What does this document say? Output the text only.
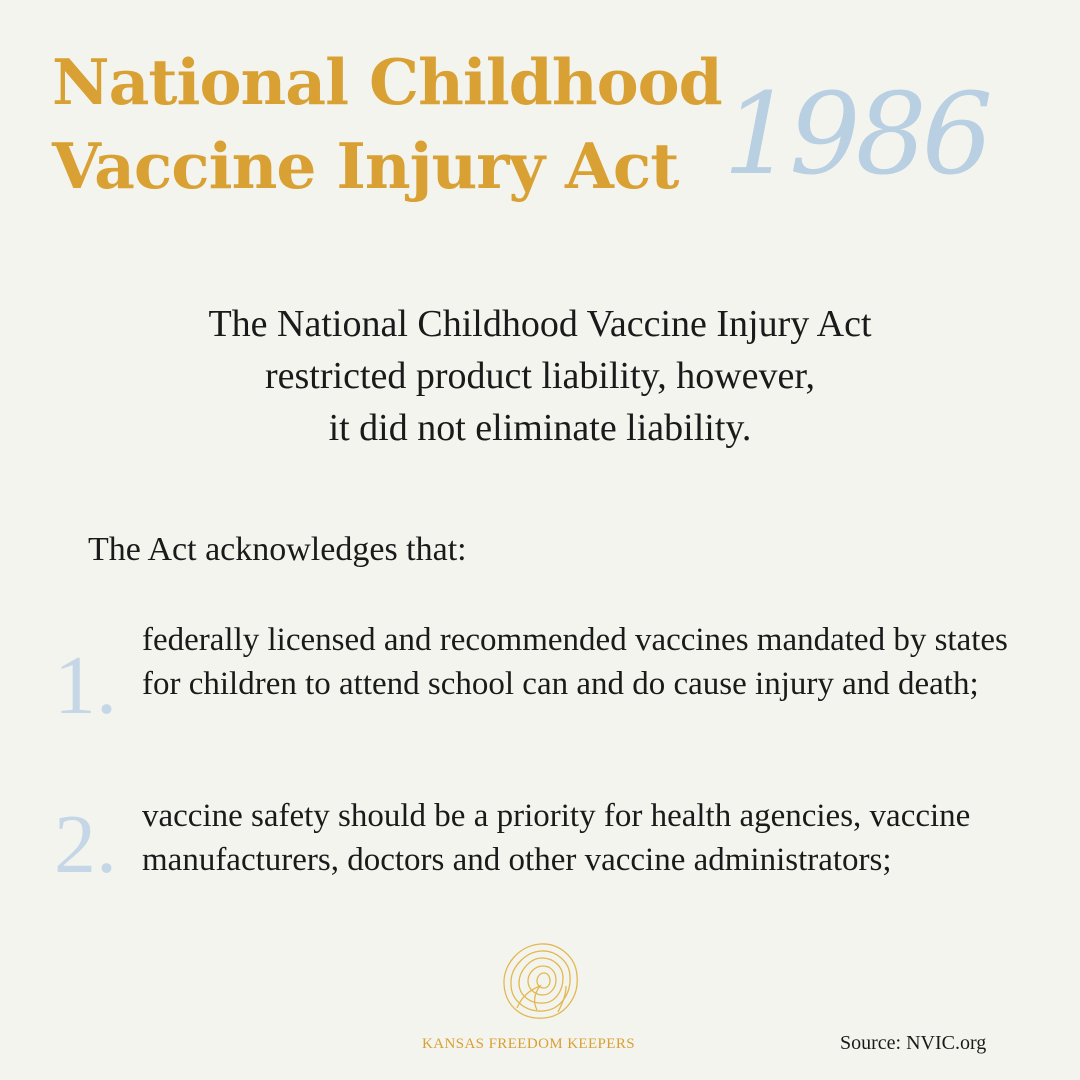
National Childhood
Vaccine Injury Act 1986

The National Childhood Vaccine Injury Act
restricted product liability, however,
it did not eliminate liability.

The Act acknowledges that:

1. federally licensed and recommended vaccines mandated by states for children to attend school can and do cause injury and death;

2. vaccine safety should be a priority for health agencies, vaccine manufacturers, doctors and other vaccine administrators;

KANSAS FREEDOM KEEPERS	Source: NVIC.org
